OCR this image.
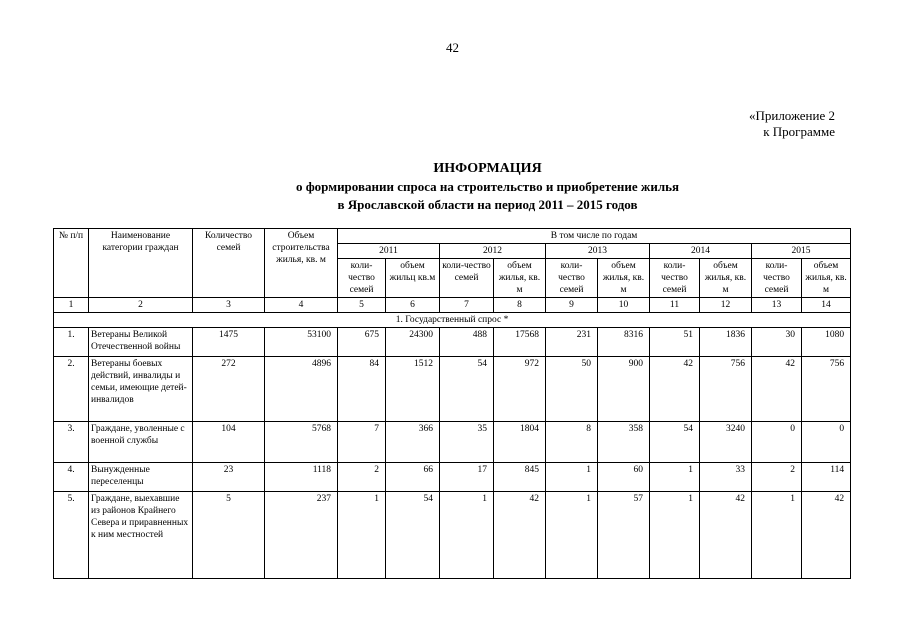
42
«Приложение 2
к Программе
ИНФОРМАЦИЯ
о формировании спроса на строительство и приобретение жилья
в Ярославской области на период 2011 – 2015 годов
№ п/п	Наименование категории граждан	Количество семей	Объем строительства жилья, кв. м	В том числе по годам									
				2011		2012		2013		2014		2015	
				коли-чество семей	объем жильц кв.м	коли-чество семей	объем жилья, кв. м	коли-чество семей	объем жилья, кв. м	коли-чество семей	объем жилья, кв. м	коли-чество семей	объем жилья, кв. м
1	2	3	4	5	6	7	8	9	10	11	12	13	14
1. Государственный спрос *													
1.	Ветераны Великой Отечественной войны	1475	53100	675	24300	488	17568	231	8316	51	1836	30	1080
2.	Ветераны боевых действий, инвалиды и семьи, имеющие детей-инвалидов	272	4896	84	1512	54	972	50	900	42	756	42	756
3.	Граждане, уволенные с военной службы	104	5768	7	366	35	1804	8	358	54	3240	0	0
4.	Вынужденные переселенцы	23	1118	2	66	17	845	1	60	1	33	2	114
5.	Граждане, выехавшие из районов Крайнего Севера и приравненных к ним местностей	5	237	1	54	1	42	1	57	1	42	1	42
